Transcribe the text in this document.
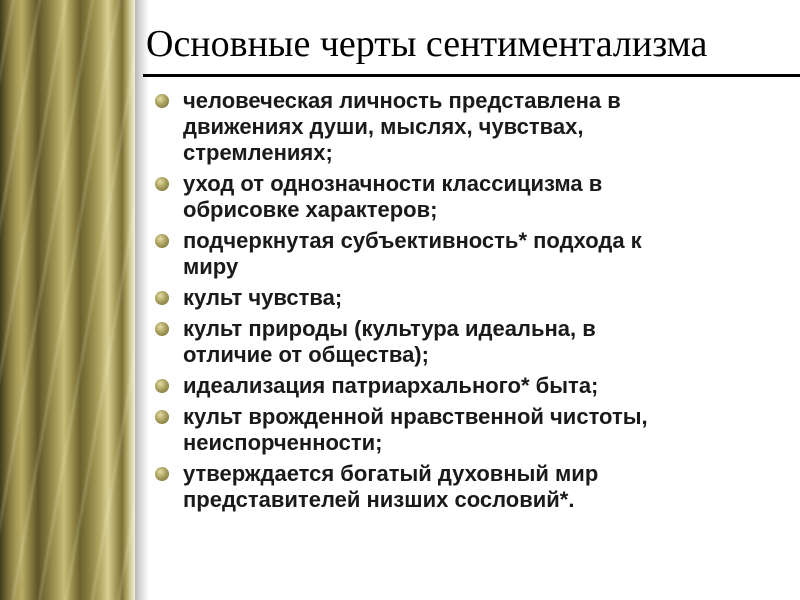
Основные черты сентиментализма
человеческая личность представлена в
движениях души, мыслях, чувствах,
стремлениях;
уход от однозначности классицизма в
обрисовке характеров;
подчеркнутая субъективность* подхода к
миру
культ чувства;
культ природы (культура идеальна, в
отличие от общества);
идеализация патриархального* быта;
культ врожденной нравственной чистоты,
неиспорченности;
утверждается богатый духовный мир
представителей низших сословий*.
